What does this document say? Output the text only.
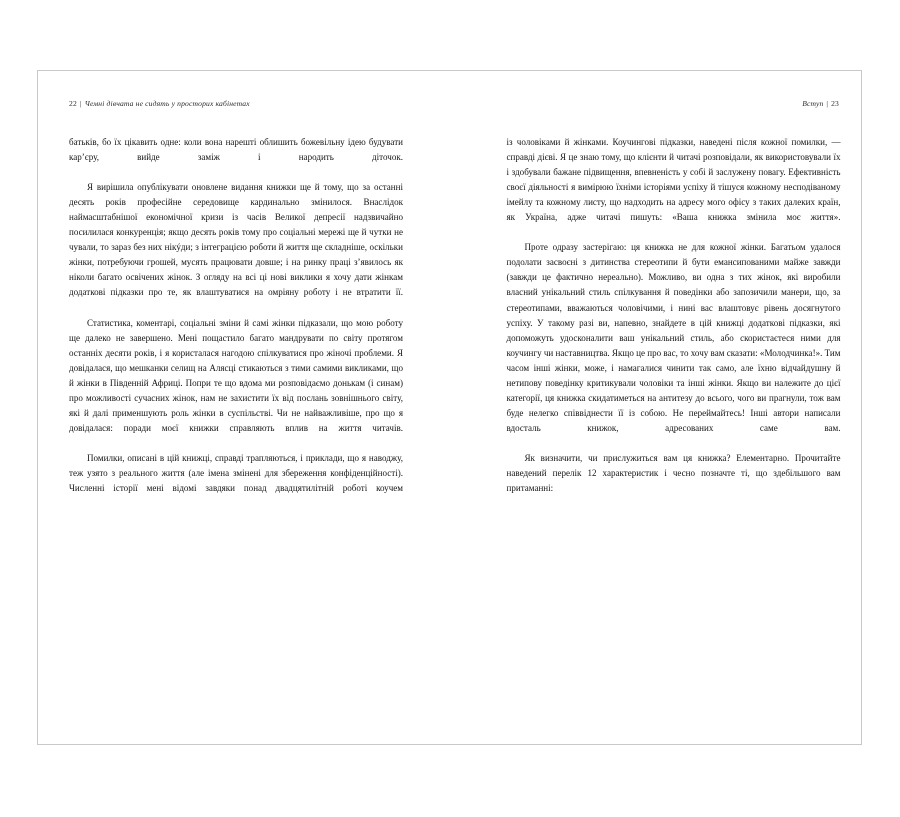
22 | Чемні дівчата не сидять у просторих кабінетах

батьків, бо їх цікавить одне: коли вона нарешті облишить божевільну ідею будувати кар’єру, вийде заміж і народить діточок.

Я вирішила опублікувати оновлене видання книжки ще й тому, що за останні десять років професійне середовище кардинально змінилося. Внаслідок наймасштабнішої економічної кризи із часів Великої депресії надзвичайно посилилася конкуренція; якщо десять років тому про соціальні мережі ще й чутки не чували, то зараз без них нікýди; з інтеграцією роботи й життя ще складніше, оскільки жінки, потребуючи грошей, мусять працювати довше; і на ринку праці з’явилось як ніколи багато освічених жінок. З огляду на всі ці нові виклики я хочу дати жінкам додаткові підказки про те, як влаштуватися на омріяну роботу і не втратити її.

Статистика, коментарі, соціальні зміни й самі жінки підказали, що мою роботу ще далеко не завершено. Мені пощастило багато мандрувати по світу протягом останніх десяти років, і я користалася нагодою спілкуватися про жіночі проблеми. Я довідалася, що мешканки селищ на Алясці стикаються з тими самими викликами, що й жінки в Південній Африці. Попри те що вдома ми розповідаємо донькам (і синам) про можливості сучасних жінок, нам не захистити їх від послань зовнішнього світу, які й далі применшують роль жінки в суспільстві. Чи не найважливіше, про що я довідалася: поради моєї книжки справляють вплив на життя читачів.

Помилки, описані в цій книжці, справді трапляються, і приклади, що я наводжу, теж узято з реального життя (але імена змінені для збереження конфіденційності). Численні історії мені відомі завдяки понад двадцятилітній роботі коучем

Вступ | 23

із чоловіками й жінками. Коучингові підказки, наведені після кожної помилки, — справді дієві. Я це знаю тому, що клієнти й читачі розповідали, як використовували їх і здобували бажане підвищення, впевненість у собі й заслужену повагу. Ефективність своєї діяльності я вимірюю їхніми історіями успіху й тішуся кожному несподіваному імейлу та кожному листу, що надходить на адресу мого офісу з таких далеких країн, як Україна, адже читачі пишуть: «Ваша книжка змінила моє життя».

Проте одразу застерігаю: ця книжка не для кожної жінки. Багатьом удалося подолати засвоєні з дитинства стереотипи й бути емансипованими майже завжди (завжди це фактично нереально). Можливо, ви одна з тих жінок, які виробили власний унікальний стиль спілкування й поведінки або запозичили манери, що, за стереотипами, вважаються чоловічими, і нині вас влаштовує рівень досягнутого успіху. У такому разі ви, напевно, знайдете в цій книжці додаткові підказки, які допоможуть удосконалити ваш унікальний стиль, або скористаєтеся ними для коучингу чи наставництва. Якщо це про вас, то хочу вам сказати: «Молодчинка!». Тим часом інші жінки, може, і намагалися чинити так само, але їхню відчайдушну й нетипову поведінку критикували чоловіки та інші жінки. Якщо ви належите до цієї категорії, ця книжка скидатиметься на антитезу до всього, чого ви прагнули, тож вам буде нелегко співвіднести її із собою. Не переймайтесь! Інші автори написали вдосталь книжок, адресованих саме вам.

Як визначити, чи прислужиться вам ця книжка? Елементарно. Прочитайте наведений перелік 12 характеристик і чесно позначте ті, що здебільшого вам притаманні:
